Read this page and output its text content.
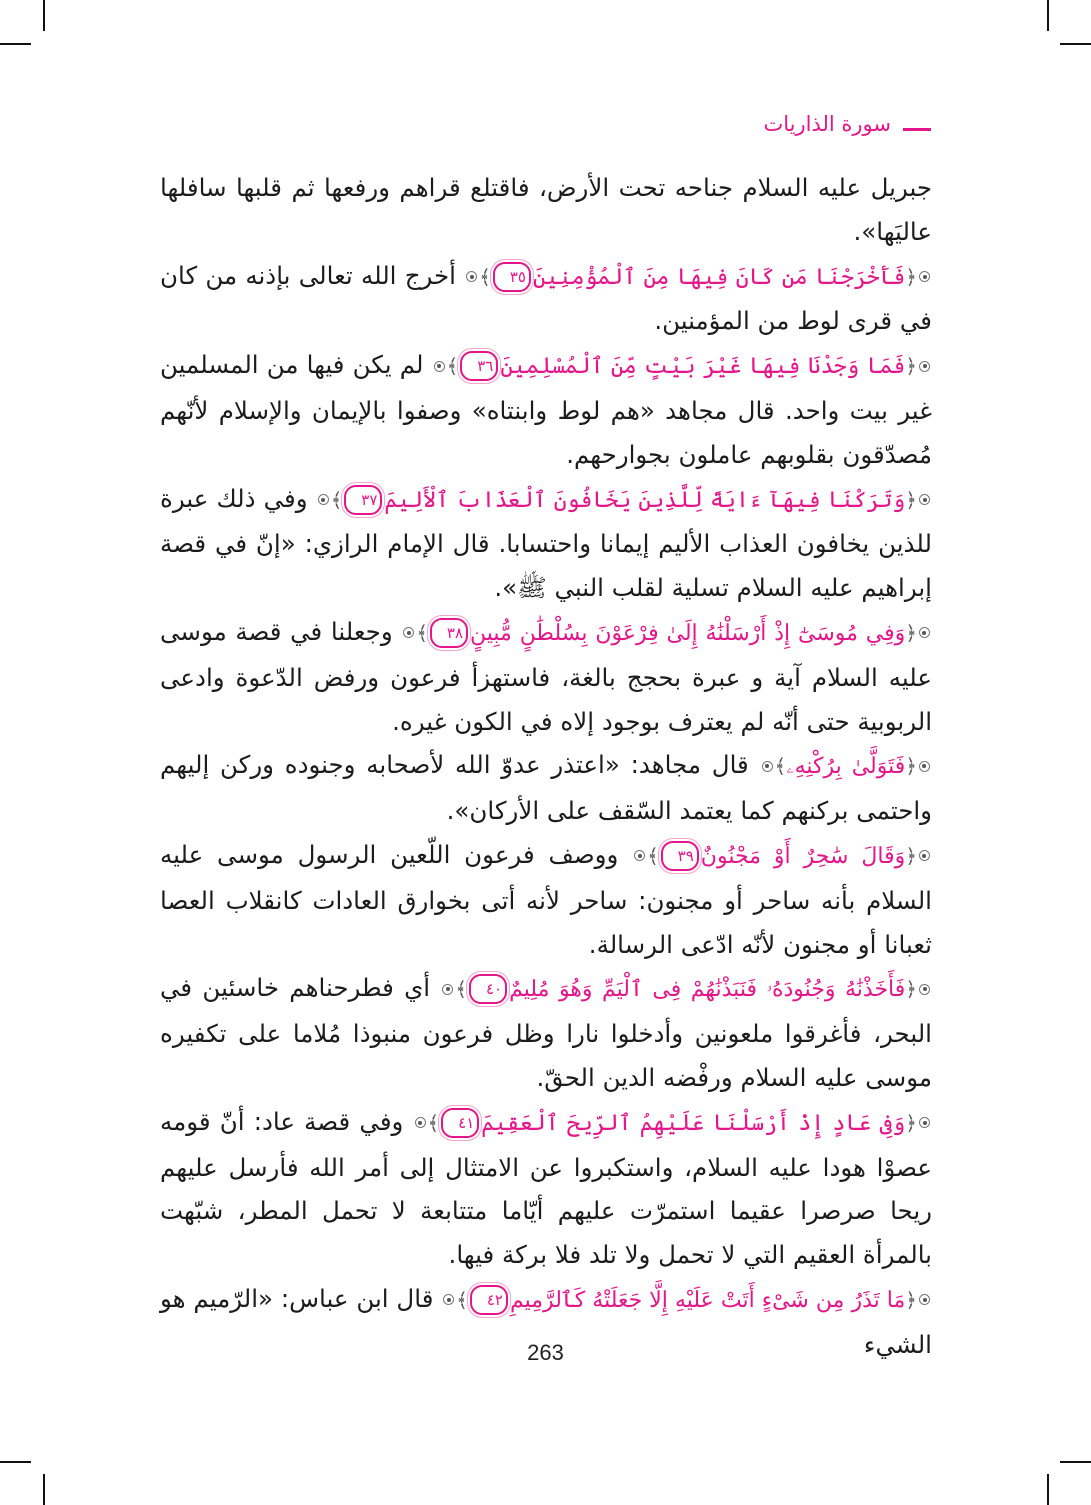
سورة الذاريات

جبريل عليه السلام جناحه تحت الأرض، فاقتلع قراهم ورفعها ثم قلبها سافلها عاليَها».

﴿فَأَخْرَجْنَا مَن كَانَ فِيهَا مِنَ ٱلْمُؤْمِنِينَ٣٥﴾ أخرج الله تعالى بإذنه من كان في قرى لوط من المؤمنين.

﴿فَمَا وَجَدْنَا فِيهَا غَيْرَ بَيْتٍ مِّنَ ٱلْمُسْلِمِينَ٣٦﴾ لم يكن فيها من المسلمين غير بيت واحد. قال مجاهد «هم لوط وابنتاه» وصفوا بالإيمان والإسلام لأنّهم مُصدّقون بقلوبهم عاملون بجوارحهم.

﴿وَتَرَكْنَا فِيهَآ ءَايَةً لِّلَّذِينَ يَخَافُونَ ٱلْعَذَابَ ٱلْأَلِيمَ٣٧﴾ وفي ذلك عبرة للذين يخافون العذاب الأليم إيمانا واحتسابا. قال الإمام الرازي: «إنّ في قصة إبراهيم عليه السلام تسلية لقلب النبي ﷺ».

﴿وَفِي مُوسَىٰٓ إِذْ أَرْسَلْنَٰهُ إِلَىٰ فِرْعَوْنَ بِسُلْطَٰنٍ مُّبِينٍ٣٨﴾ وجعلنا في قصة موسى عليه السلام آية و عبرة بحجج بالغة، فاستهزأ فرعون ورفض الدّعوة وادعى الربوبية حتى أنّه لم يعترف بوجود إلاه في الكون غيره.

﴿فَتَوَلَّىٰ بِرُكْنِهِۦ﴾ قال مجاهد: «اعتذر عدوّ الله لأصحابه وجنوده وركن إليهم واحتمى بركنهم كما يعتمد السّقف على الأركان».

﴿وَقَالَ سَٰحِرٌ أَوْ مَجْنُونٌ٣٩﴾ ووصف فرعون اللّعين الرسول موسى عليه السلام بأنه ساحر أو مجنون: ساحر لأنه أتى بخوارق العادات كانقلاب العصا ثعبانا أو مجنون لأنّه ادّعى الرسالة.

﴿فَأَخَذْنَٰهُ وَجُنُودَهُۥ فَنَبَذْنَٰهُمْ فِى ٱلْيَمِّ وَهُوَ مُلِيمٌ٤٠﴾ أي فطرحناهم خاسئين في البحر، فأغرقوا ملعونين وأدخلوا نارا وظل فرعون منبوذا مُلاما على تكفيره موسى عليه السلام ورفْضه الدين الحقّ.

﴿وَفِى عَادٍ إِذْ أَرْسَلْنَا عَلَيْهِمُ ٱلرِّيحَ ٱلْعَقِيمَ٤١﴾ وفي قصة عاد: أنّ قومه عصوْا هودا عليه السلام، واستكبروا عن الامتثال إلى أمر الله فأرسل عليهم ريحا صرصرا عقيما استمرّت عليهم أيّاما متتابعة لا تحمل المطر، شبّهت بالمرأة العقيم التي لا تحمل ولا تلد فلا بركة فيها.

﴿مَا تَذَرُ مِن شَىْءٍ أَتَتْ عَلَيْهِ إِلَّا جَعَلَتْهُ كَٱلرَّمِيمِ٤٢﴾ قال ابن عباس: «الرّميم هو الشيء

263
